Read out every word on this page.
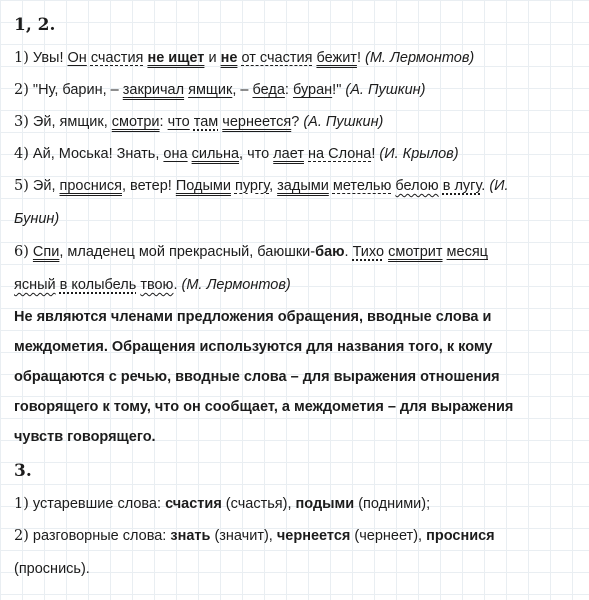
1, 2.

1) Увы! Он счастия не ищет и не от счастия бежит! (М. Лермонтов)

2) "Ну, барин, – закричал ямщик, – беда: буран!" (А. Пушкин)

3) Эй, ямщик, смотри: что там чернеется? (А. Пушкин)

4) Ай, Моська! Знать, она сильна, что лает на Слона! (И. Крылов)

5) Эй, проснися, ветер! Подыми пургу, задыми метелью белою в лугу. (И.
Бунин)

6) Спи, младенец мой прекрасный, баюшки-баю. Тихо смотрит месяц
ясный в колыбель твою. (М. Лермонтов)

Не являются членами предложения обращения, вводные слова и

междометия. Обращения используются для названия того, к кому

обращаются с речью, вводные слова – для выражения отношения

говорящего к тому, что он сообщает, а междометия – для выражения

чувств говорящего.

3.

1) устаревшие слова: счастия (счастья), подыми (подними);

2) разговорные слова: знать (значит), чернеется (чернеет), проснися
(проснись).
